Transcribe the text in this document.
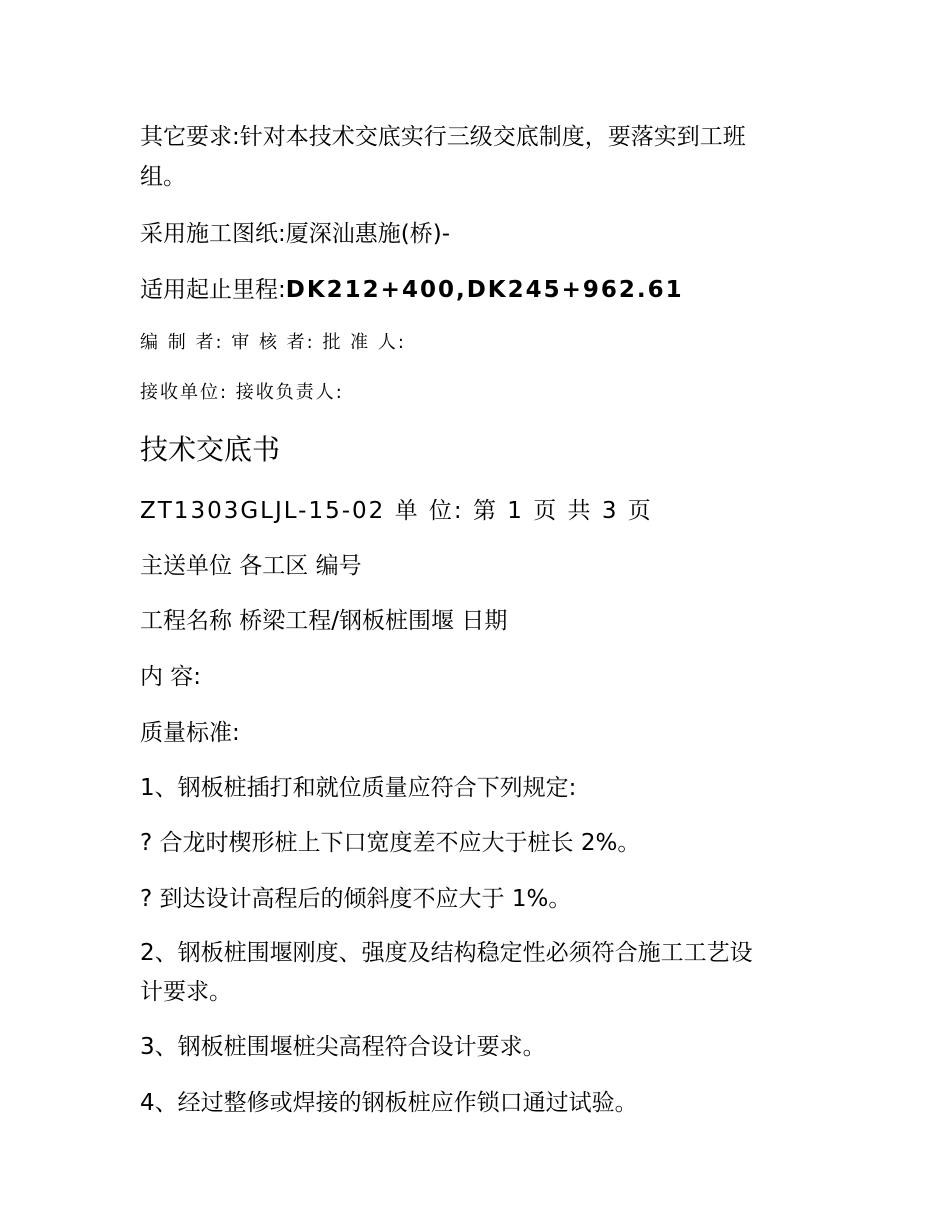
其它要求:针对本技术交底实行三级交底制度，要落实到工班
组。
采用施工图纸:厦深汕惠施(桥)-
适用起止里程:DK212+400,DK245+962.61
编 制 者: 审 核 者: 批 准 人:
接收单位: 接收负责人:
技术交底书
ZT1303GLJL-15-02 单 位: 第 1 页 共 3 页
主送单位 各工区 编号
工程名称 桥梁工程/钢板桩围堰 日期
内 容:
质量标准:
1、钢板桩插打和就位质量应符合下列规定:
? 合龙时楔形桩上下口宽度差不应大于桩长 2%。
? 到达设计高程后的倾斜度不应大于 1%。
2、钢板桩围堰刚度、强度及结构稳定性必须符合施工工艺设
计要求。
3、钢板桩围堰桩尖高程符合设计要求。
4、经过整修或焊接的钢板桩应作锁口通过试验。
